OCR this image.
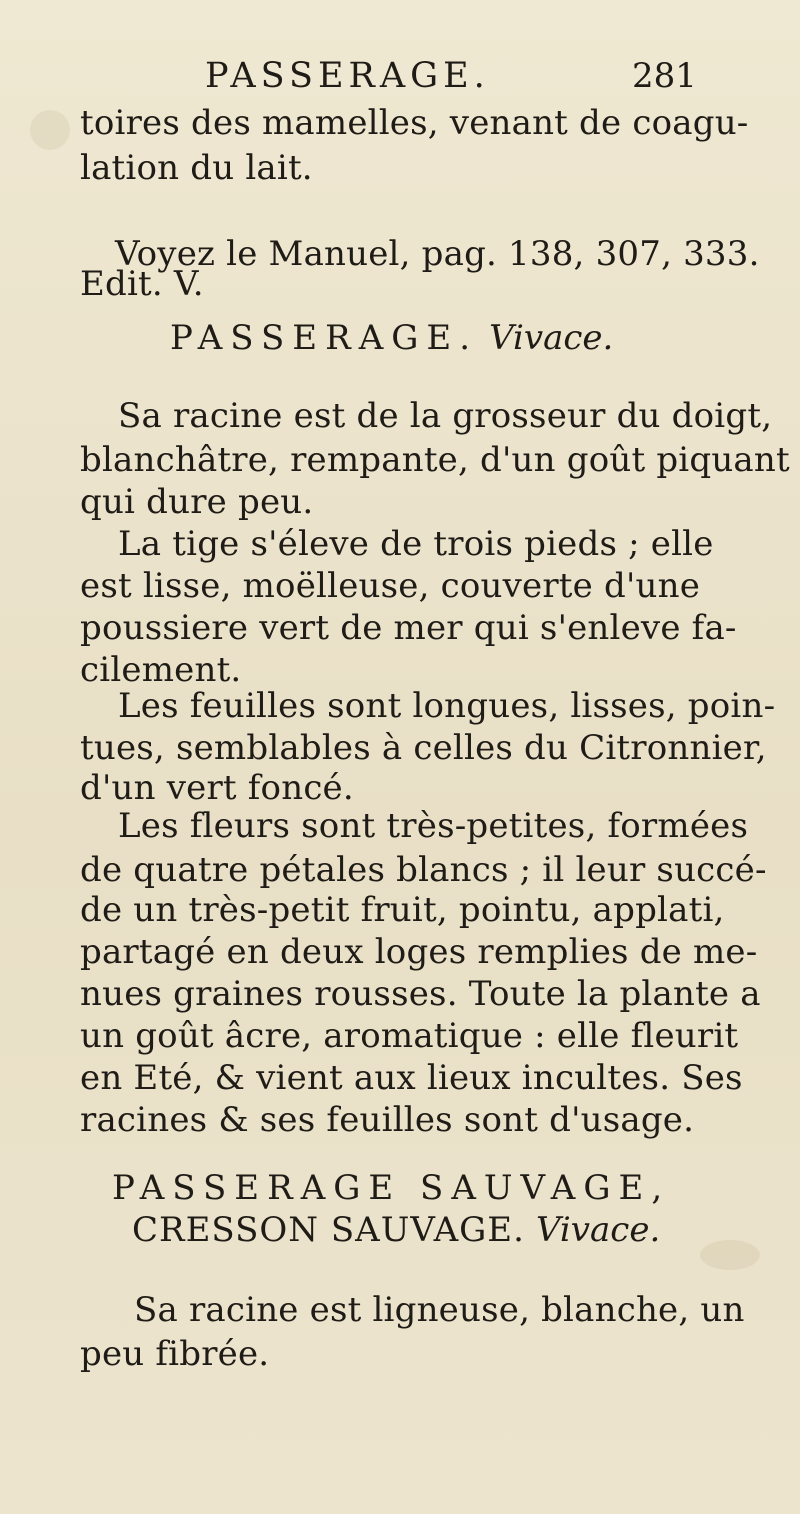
PASSERAGE.	281
toires des mamelles, venant de coagu-
lation du lait.
Voyez le Manuel, pag. 138, 307, 333.
Edit. V.
PASSERAGE. Vivace.
Sa racine est de la grosseur du doigt,
blanchâtre, rempante, d'un goût piquant
qui dure peu.
La tige s'éleve de trois pieds ; elle
est lisse, moëlleuse, couverte d'une
poussiere vert de mer qui s'enleve fa-
cilement.
Les feuilles sont longues, lisses, poin-
tues, semblables à celles du Citronnier,
d'un vert foncé.
Les fleurs sont très-petites, formées
de quatre pétales blancs ; il leur succé-
de un très-petit fruit, pointu, applati,
partagé en deux loges remplies de me-
nues graines rousses. Toute la plante a
un goût âcre, aromatique : elle fleurit
en Eté, & vient aux lieux incultes. Ses
racines & ses feuilles sont d'usage.
PASSERAGE SAUVAGE,
CRESSON SAUVAGE. Vivace.
Sa racine est ligneuse, blanche, un
peu fibrée.
